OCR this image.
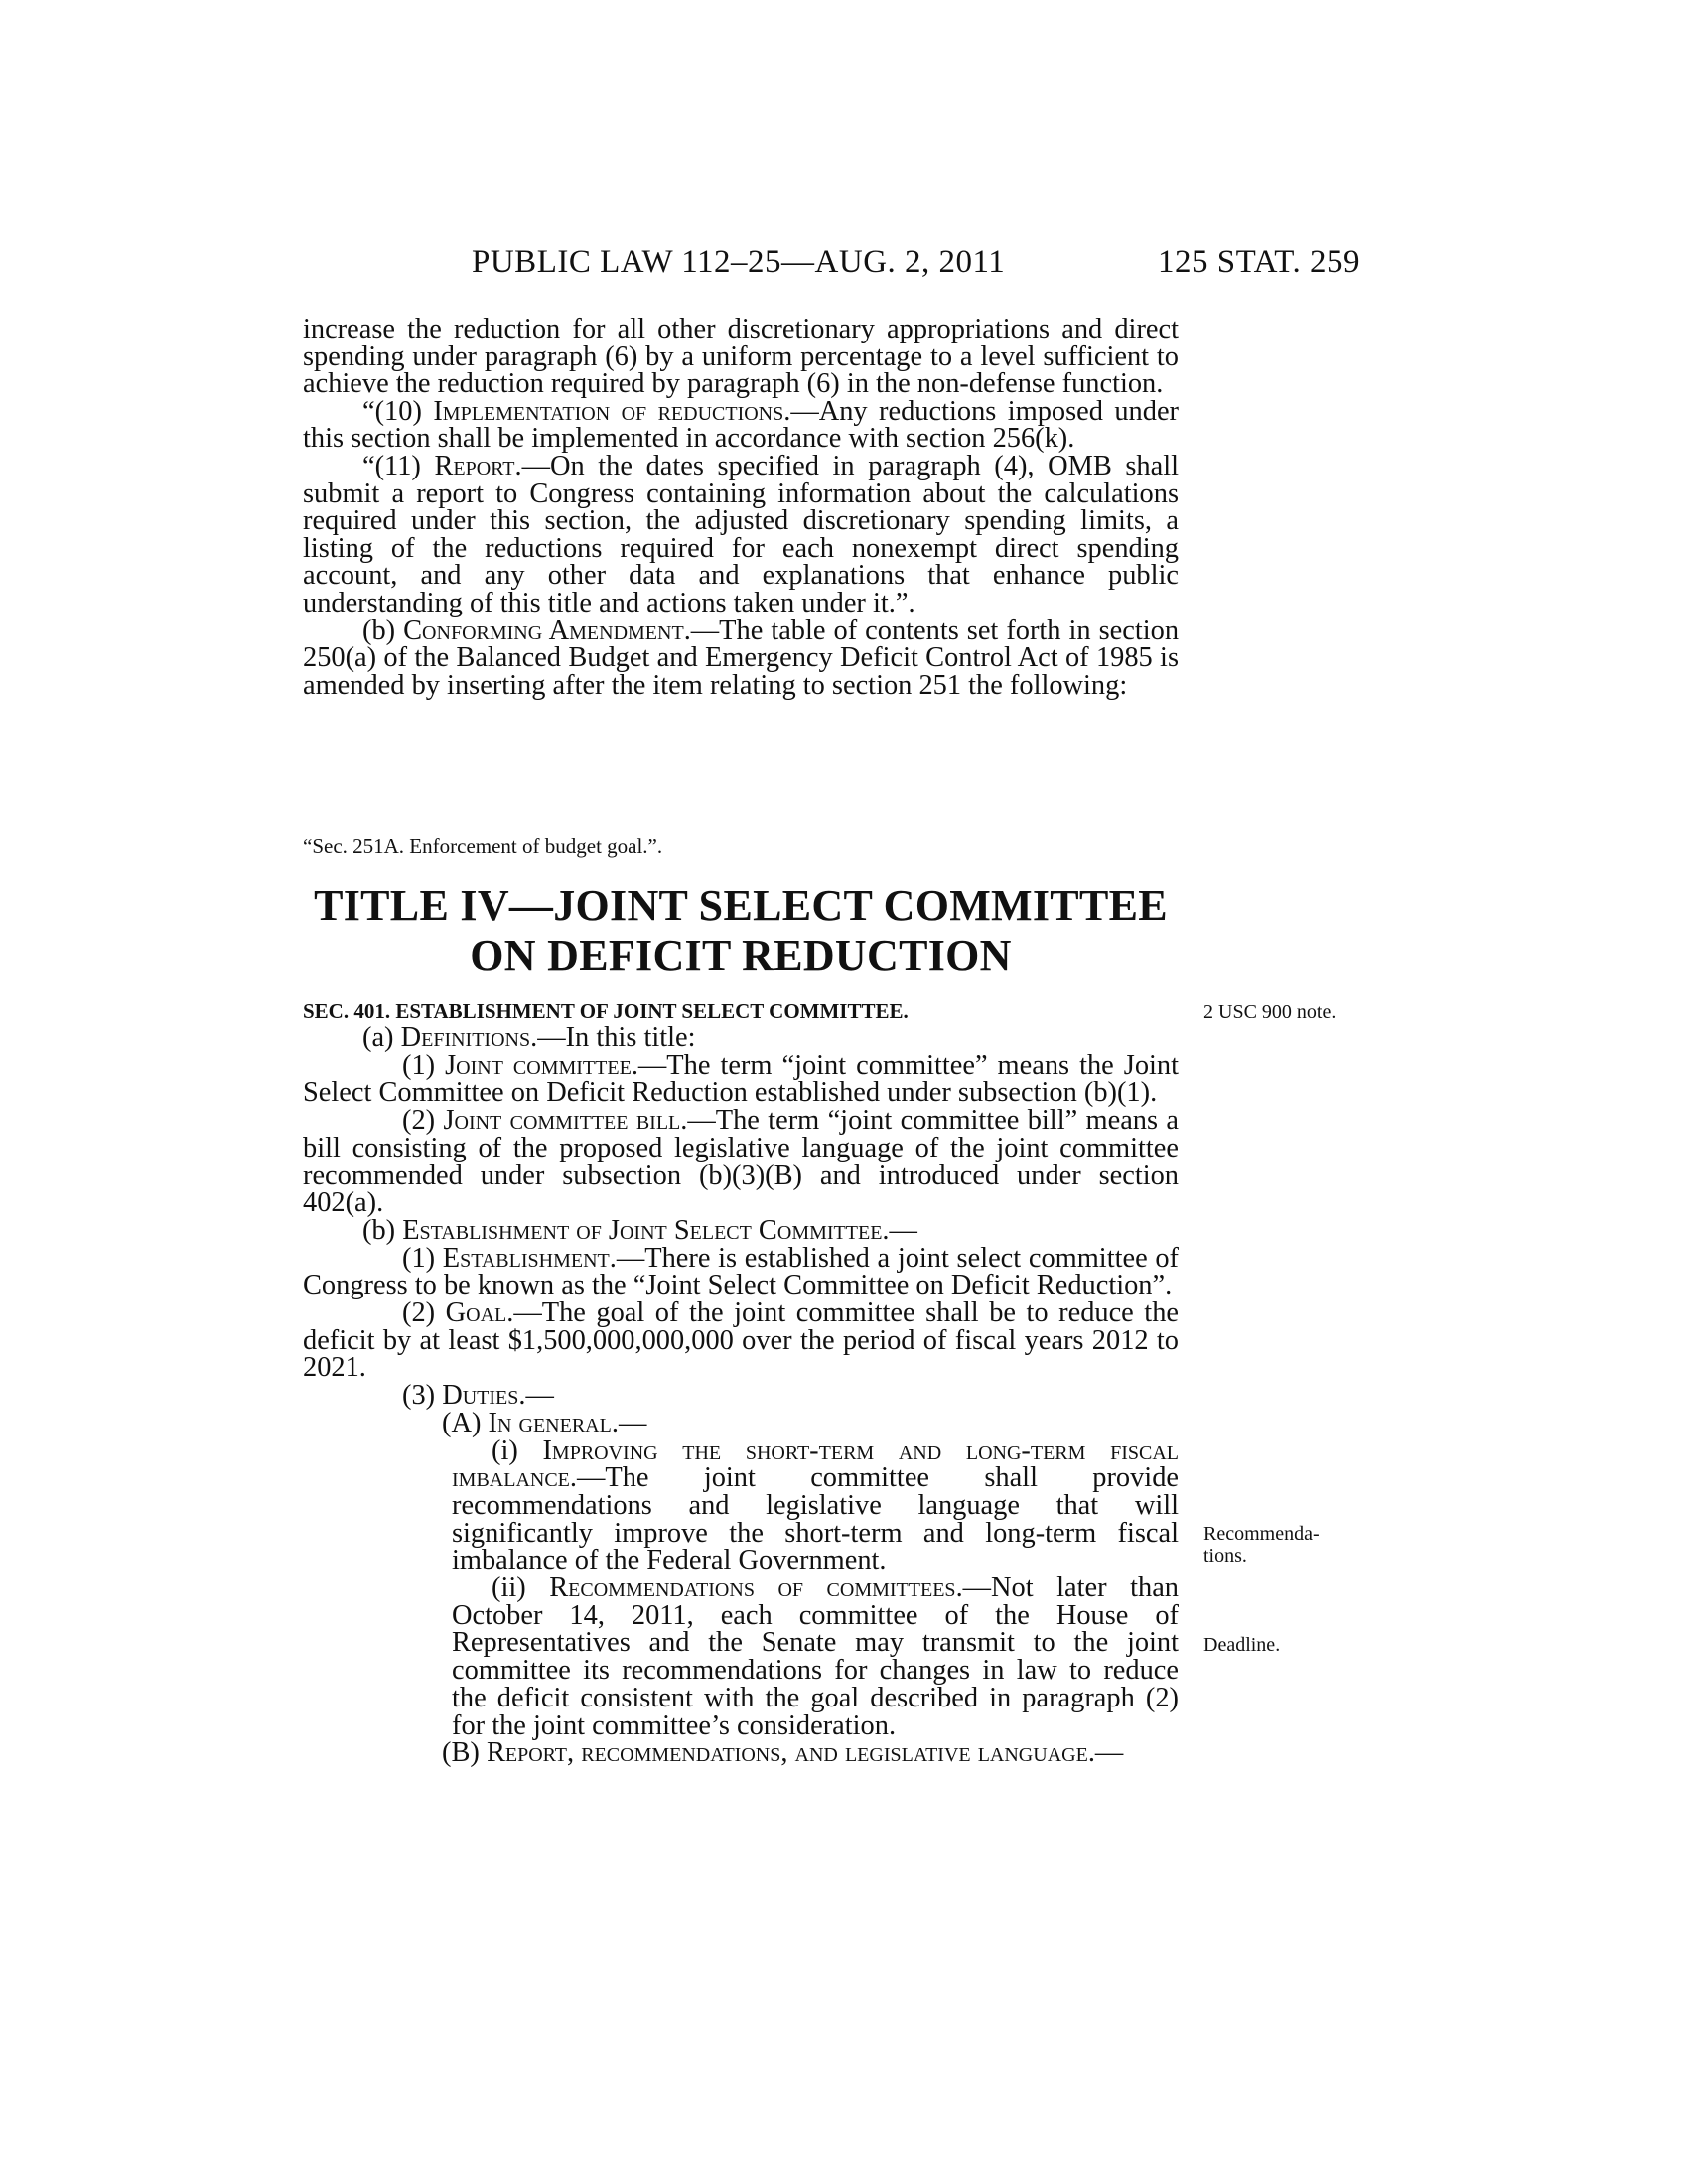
PUBLIC LAW 112–25—AUG. 2, 2011	125 STAT. 259

increase the reduction for all other discretionary appropriations and direct spending under paragraph (6) by a uniform percentage to a level sufficient to achieve the reduction required by paragraph (6) in the non-defense function.

“(10) Implementation of reductions.—Any reductions imposed under this section shall be implemented in accordance with section 256(k).

“(11) Report.—On the dates specified in paragraph (4), OMB shall submit a report to Congress containing information about the calculations required under this section, the adjusted discretionary spending limits, a listing of the reductions required for each nonexempt direct spending account, and any other data and explanations that enhance public understanding of this title and actions taken under it.”.

(b) Conforming Amendment.—The table of contents set forth in section 250(a) of the Balanced Budget and Emergency Deficit Control Act of 1985 is amended by inserting after the item relating to section 251 the following:

“Sec. 251A. Enforcement of budget goal.”.
TITLE IV—JOINT SELECT COMMITTEE
ON DEFICIT REDUCTION
SEC. 401. ESTABLISHMENT OF JOINT SELECT COMMITTEE.	2 USC 900 note.

(a) Definitions.—In this title:

(1) Joint committee.—The term “joint committee” means the Joint Select Committee on Deficit Reduction established under subsection (b)(1).

(2) Joint committee bill.—The term “joint committee bill” means a bill consisting of the proposed legislative language of the joint committee recommended under subsection (b)(3)(B) and introduced under section 402(a).

(b) Establishment of Joint Select Committee.—

(1) Establishment.—There is established a joint select committee of Congress to be known as the “Joint Select Committee on Deficit Reduction”.

(2) Goal.—The goal of the joint committee shall be to reduce the deficit by at least $1,500,000,000,000 over the period of fiscal years 2012 to 2021.

(3) Duties.—

(A) In general.—

(i) Improving the short-term and long-term fiscal imbalance.—The joint committee shall provide recommendations and legislative language that will significantly improve the short-term and long-term fiscal imbalance of the Federal Government.

(ii) Recommendations of committees.—Not later than October 14, 2011, each committee of the House of Representatives and the Senate may transmit to the joint committee its recommendations for changes in law to reduce the deficit consistent with the goal described in paragraph (2) for the joint committee’s consideration.

(B) Report, recommendations, and legislative language.—

Recommenda-
tions.
Deadline.
